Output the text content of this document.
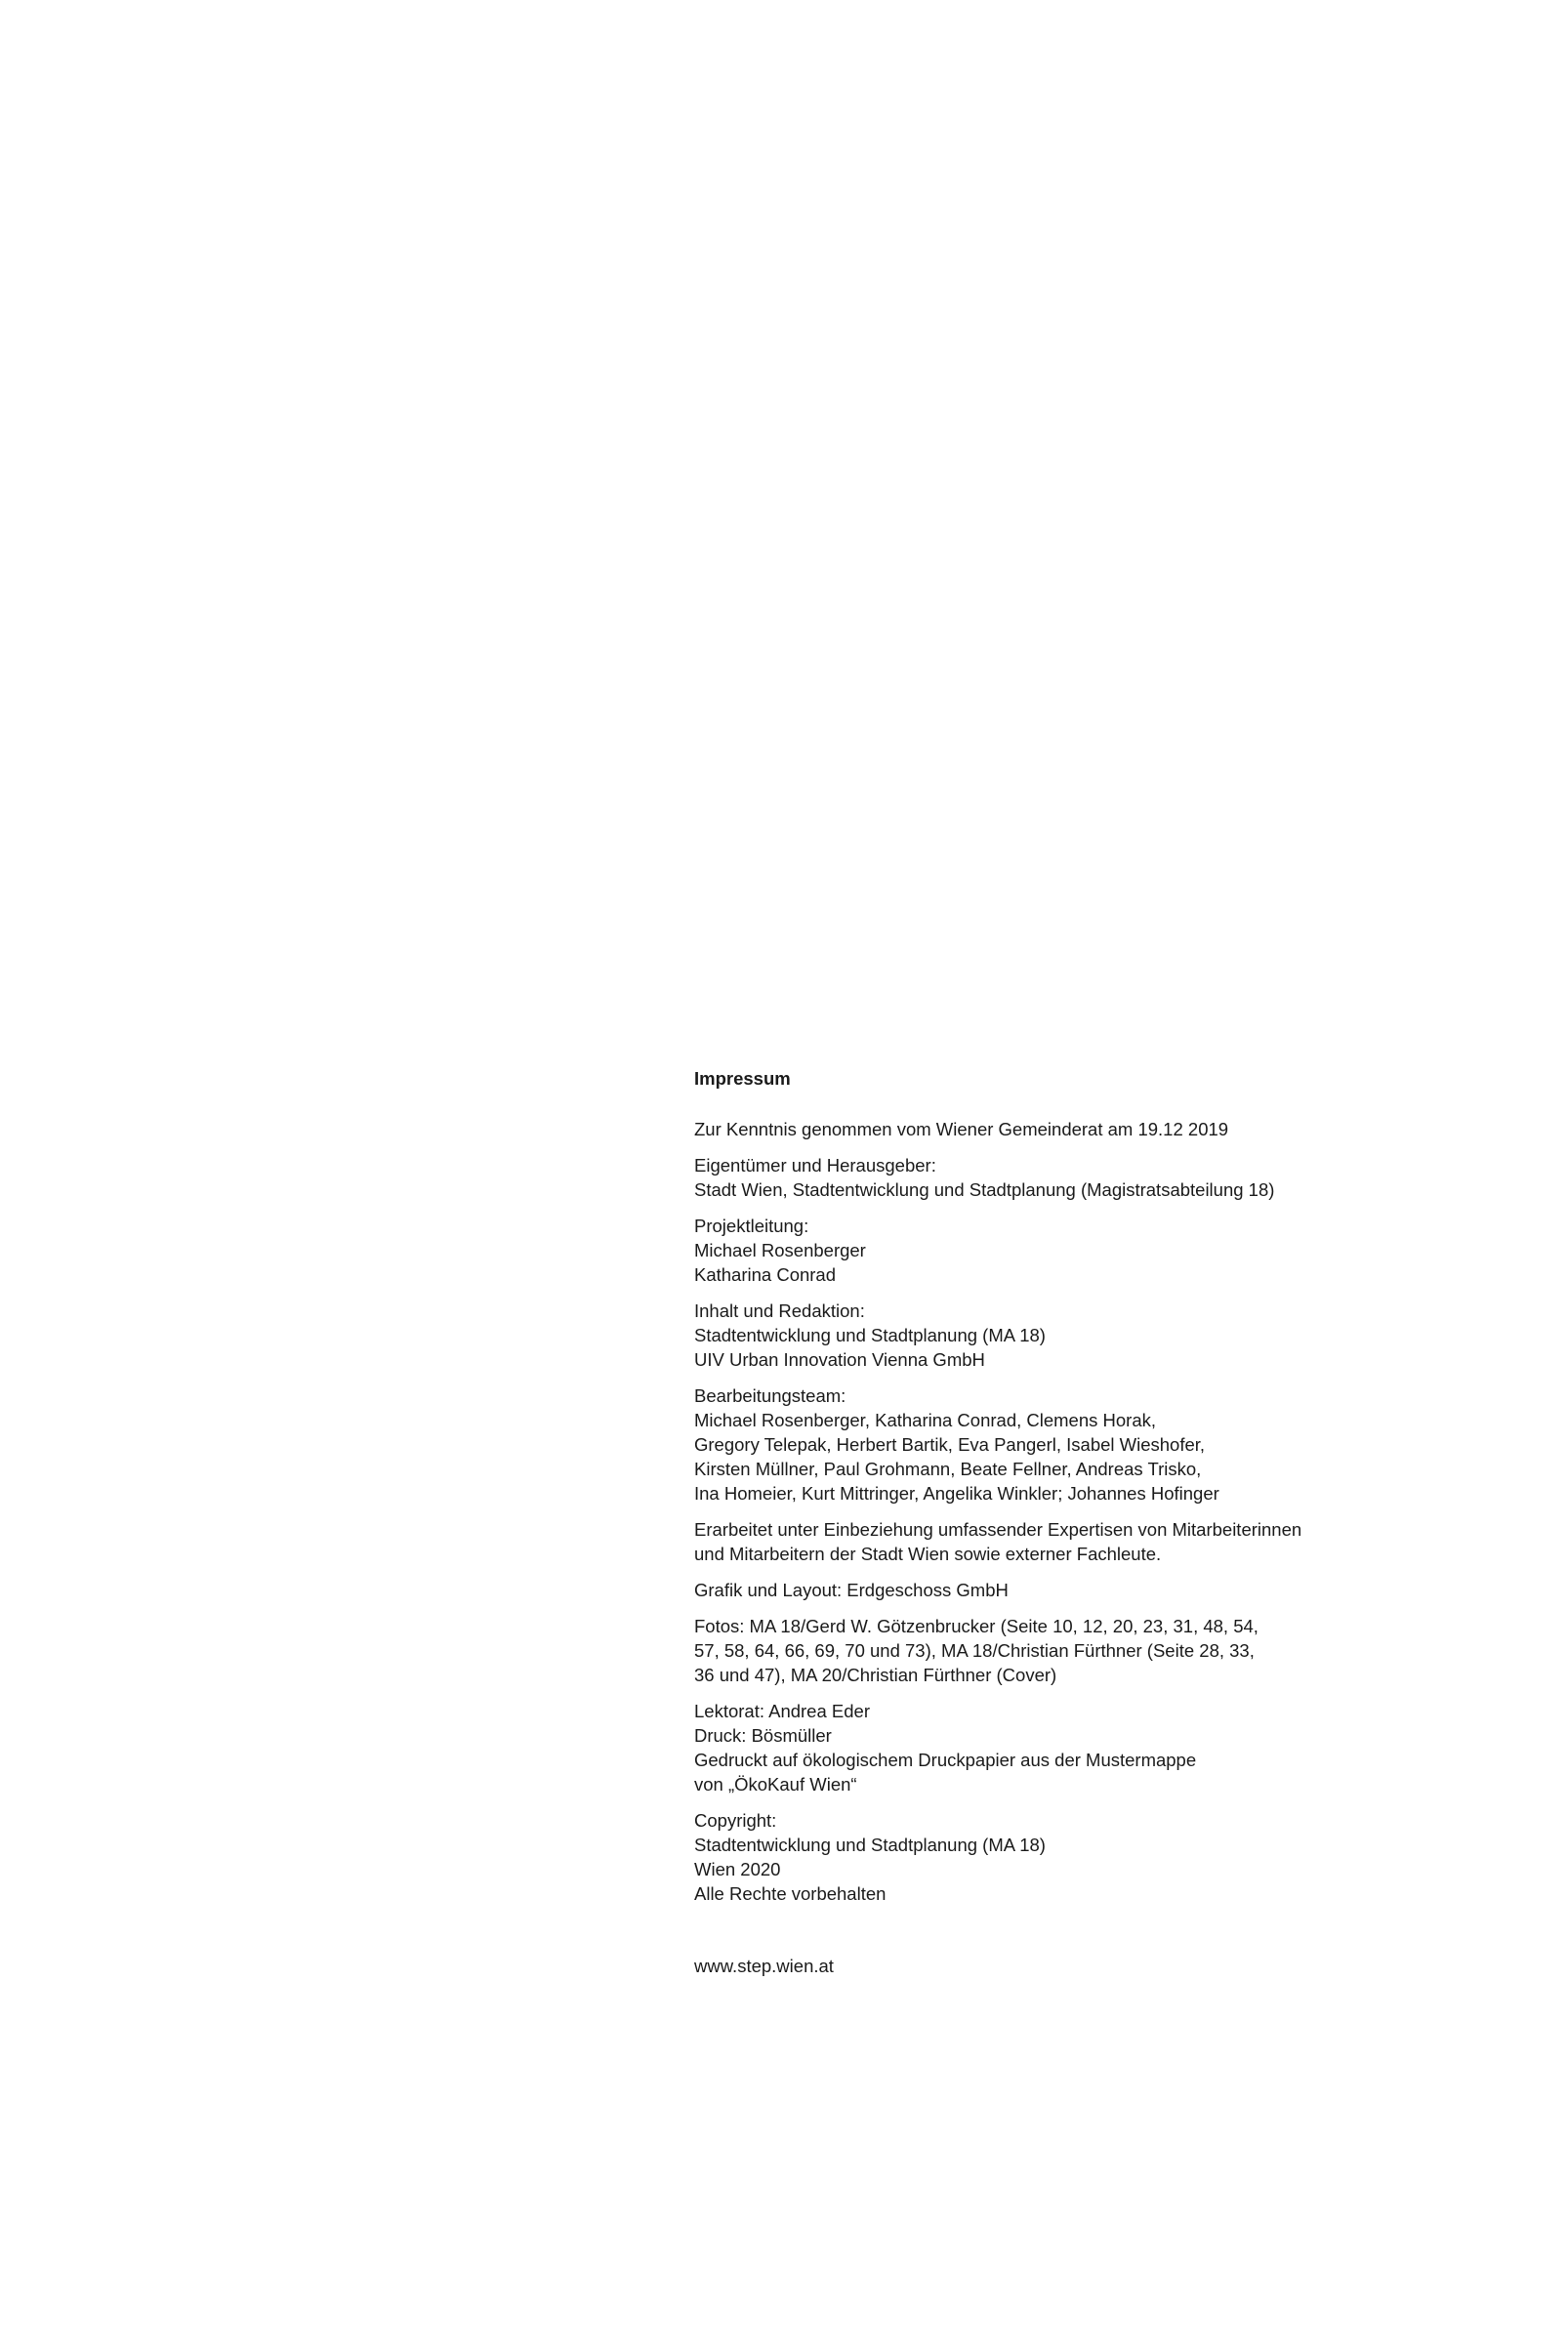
Impressum
Zur Kenntnis genommen vom Wiener Gemeinderat am 19.12 2019
Eigentümer und Herausgeber:
Stadt Wien, Stadtentwicklung und Stadtplanung (Magistratsabteilung 18)
Projektleitung:
Michael Rosenberger
Katharina Conrad
Inhalt und Redaktion:
Stadtentwicklung und Stadtplanung (MA 18)
UIV Urban Innovation Vienna GmbH
Bearbeitungsteam:
Michael Rosenberger, Katharina Conrad, Clemens Horak,
Gregory Telepak, Herbert Bartik, Eva Pangerl, Isabel Wieshofer,
Kirsten Müllner, Paul Grohmann, Beate Fellner, Andreas Trisko,
Ina Homeier, Kurt Mittringer, Angelika Winkler; Johannes Hofinger
Erarbeitet unter Einbeziehung umfassender Expertisen von Mitarbeiterinnen
und Mitarbeitern der Stadt Wien sowie externer Fachleute.
Grafik und Layout: Erdgeschoss GmbH
Fotos: MA 18/Gerd W. Götzenbrucker (Seite 10, 12, 20, 23, 31, 48, 54,
57, 58, 64, 66, 69, 70 und 73), MA 18/Christian Fürthner (Seite 28, 33,
36 und 47), MA 20/Christian Fürthner (Cover)
Lektorat: Andrea Eder
Druck: Bösmüller
Gedruckt auf ökologischem Druckpapier aus der Mustermappe
von „ÖkoKauf Wien“
Copyright:
Stadtentwicklung und Stadtplanung (MA 18)
Wien 2020
Alle Rechte vorbehalten
www.step.wien.at
